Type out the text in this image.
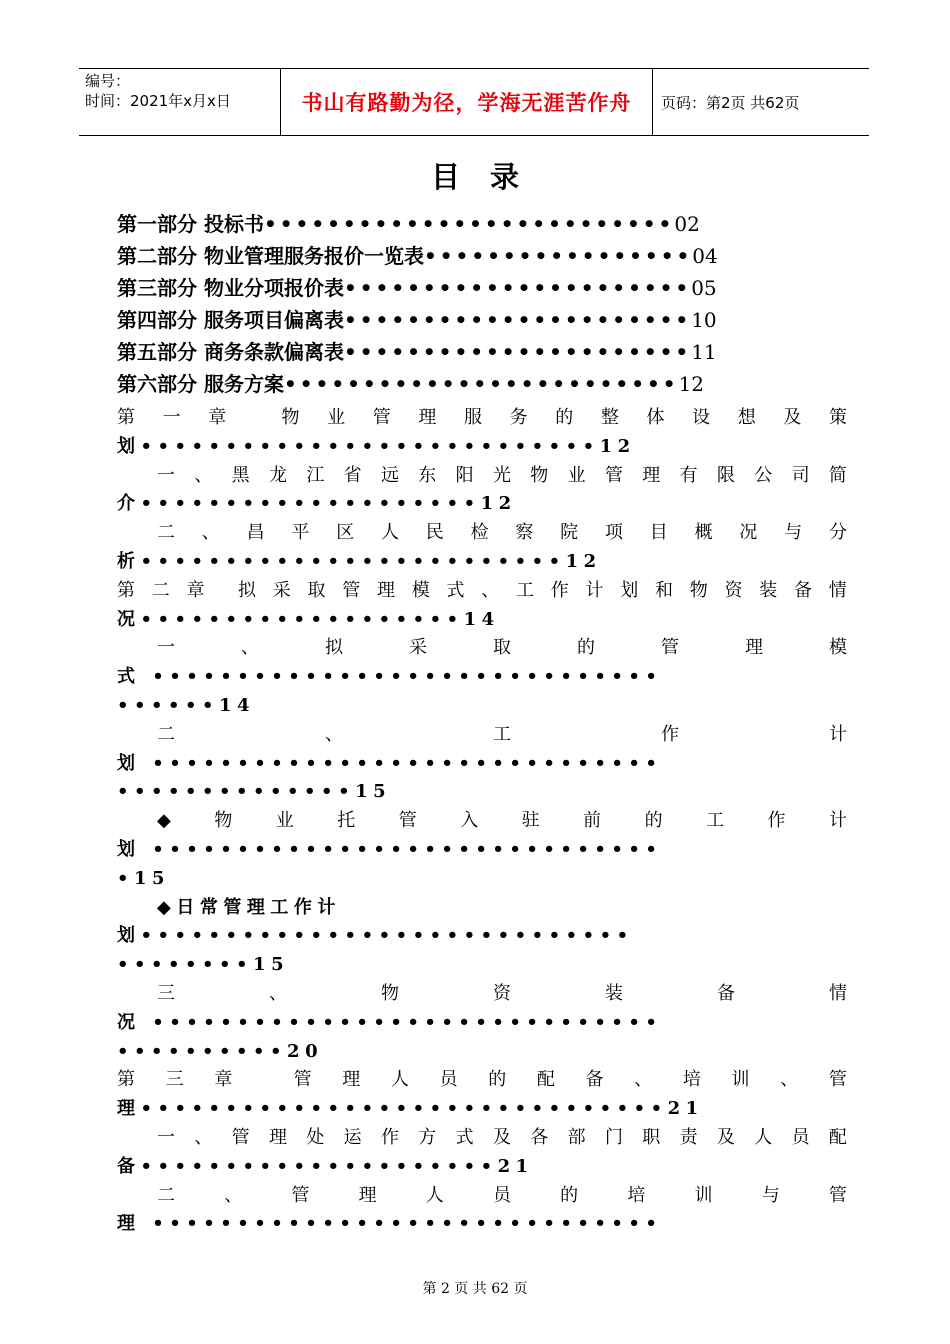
编号：
时间：2021年x月x日	书山有路勤为径，学海无涯苦作舟	页码：第2页 共62页
目录
第一部分 投标书 •••••••••••••••••••••••••• 02
第二部分 物业管理服务报价一览表 ••••••••••••••••• 04
第三部分 物业分项报价表 •••••••••••••••••••••• 05
第四部分 服务项目偏离表 •••••••••••••••••••••• 10
第五部分 商务条款偏离表 •••••••••••••••••••••• 11
第六部分 服务方案 ••••••••••••••••••••••••• 12
第 一 章	物 业 管 理 服 务 的 整 体 设 想 及 策
划•••••••••••••••••••••••••••12
一 、 黑 龙 江 省 远 东 阳 光 物 业 管 理 有 限 公 司 简
介••••••••••••••••••••12
二 、 昌 平 区 人 民 检 察 院 项 目 概 况 与 分
析•••••••••••••••••••••••••12
第 二 章 拟 采 取 管 理 模 式 、 工 作 计 划 和 物 资 装 备 情
况•••••••••••••••••••14
一	、	拟	采	取	的	管	理	模
式 ••••••••••••••••••••••••••••••
••••••14
二	、	工	作	计
划 ••••••••••••••••••••••••••••••
••••••••••••••15
◆ 物 业 托 管 入 驻 前 的 工 作 计
划 ••••••••••••••••••••••••••••••
•15
◆日常管理工作计
划•••••••••••••••••••••••••••••
••••••••15
三	、	物	资	装	备	情
况 ••••••••••••••••••••••••••••••
••••••••••20
第 三 章	管 理 人 员 的 配 备 、 培 训 、 管
理•••••••••••••••••••••••••••••••21
一 、 管 理 处 运 作 方 式 及 各 部 门 职 责 及 人 员 配
备•••••••••••••••••••••21
二	、	管	理	人	员	的	培	训	与	管
理 ••••••••••••••••••••••••••••••
第 2 页 共 62 页
